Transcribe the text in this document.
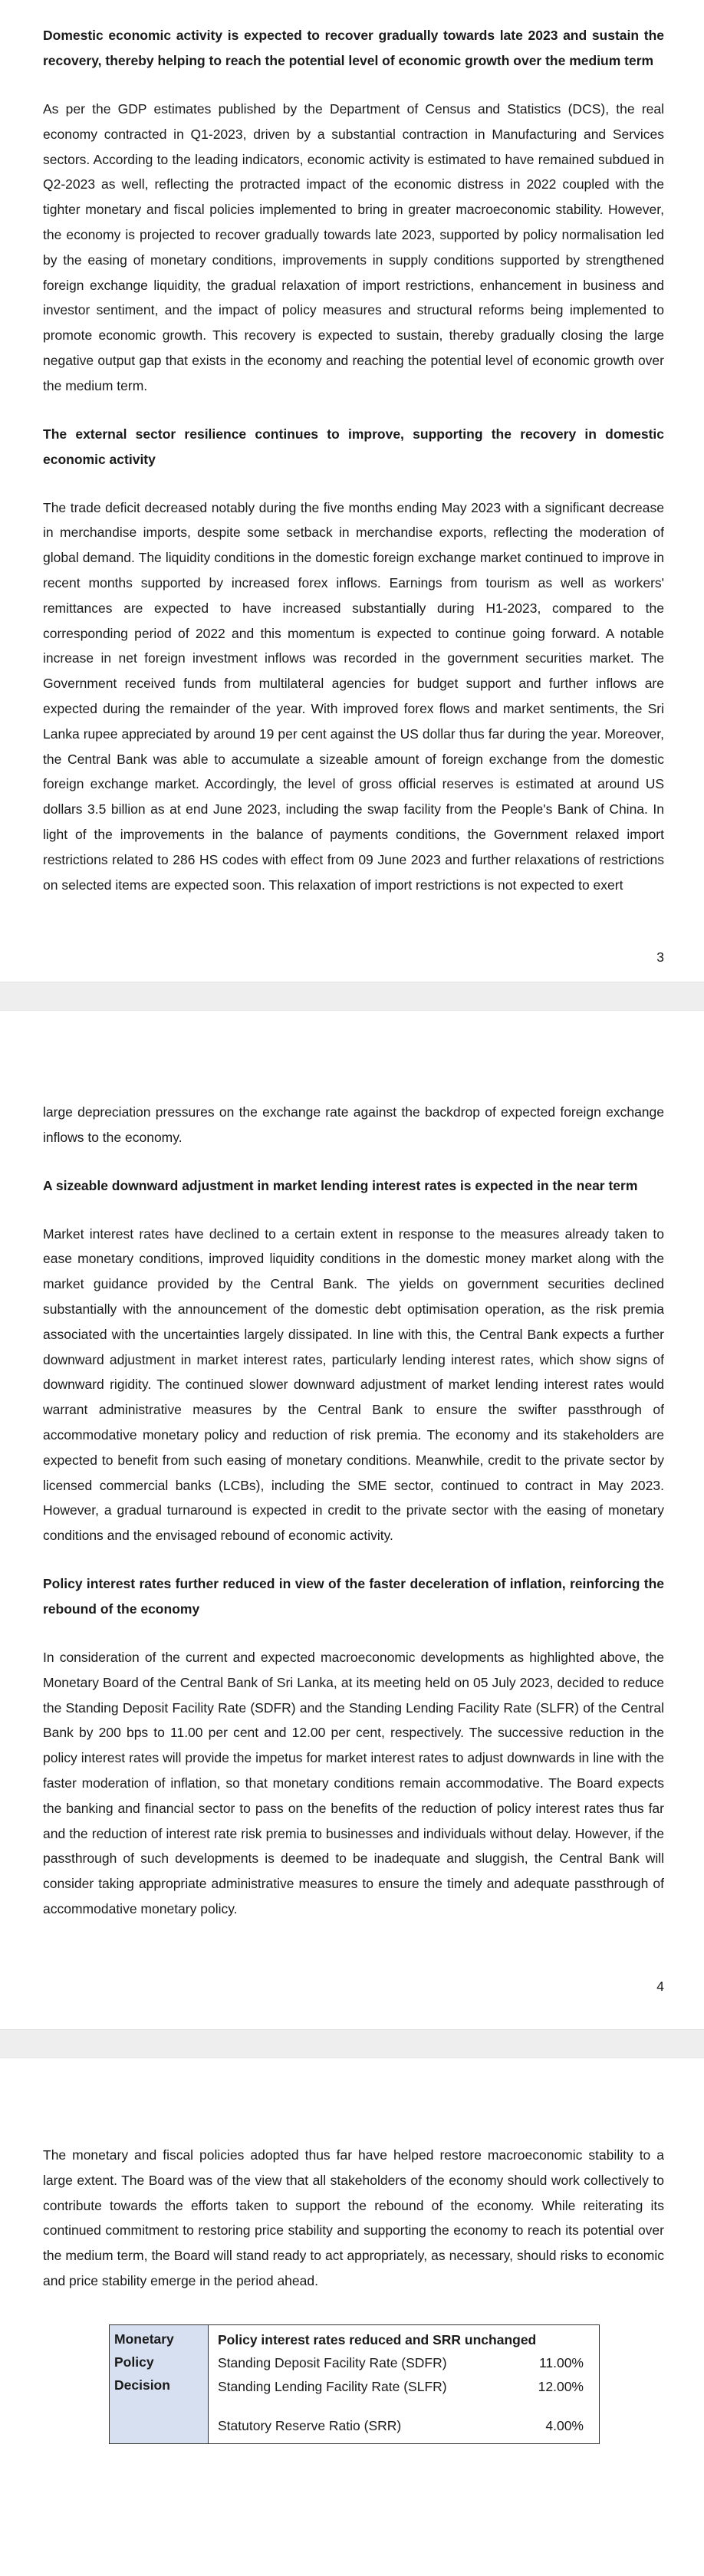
Domestic economic activity is expected to recover gradually towards late 2023 and sustain the recovery, thereby helping to reach the potential level of economic growth over the medium term

As per the GDP estimates published by the Department of Census and Statistics (DCS), the real economy contracted in Q1-2023, driven by a substantial contraction in Manufacturing and Services sectors. According to the leading indicators, economic activity is estimated to have remained subdued in Q2-2023 as well, reflecting the protracted impact of the economic distress in 2022 coupled with the tighter monetary and fiscal policies implemented to bring in greater macroeconomic stability. However, the economy is projected to recover gradually towards late 2023, supported by policy normalisation led by the easing of monetary conditions, improvements in supply conditions supported by strengthened foreign exchange liquidity, the gradual relaxation of import restrictions, enhancement in business and investor sentiment, and the impact of policy measures and structural reforms being implemented to promote economic growth. This recovery is expected to sustain, thereby gradually closing the large negative output gap that exists in the economy and reaching the potential level of economic growth over the medium term.

The external sector resilience continues to improve, supporting the recovery in domestic economic activity

The trade deficit decreased notably during the five months ending May 2023 with a significant decrease in merchandise imports, despite some setback in merchandise exports, reflecting the moderation of global demand. The liquidity conditions in the domestic foreign exchange market continued to improve in recent months supported by increased forex inflows. Earnings from tourism as well as workers' remittances are expected to have increased substantially during H1-2023, compared to the corresponding period of 2022 and this momentum is expected to continue going forward. A notable increase in net foreign investment inflows was recorded in the government securities market. The Government received funds from multilateral agencies for budget support and further inflows are expected during the remainder of the year. With improved forex flows and market sentiments, the Sri Lanka rupee appreciated by around 19 per cent against the US dollar thus far during the year. Moreover, the Central Bank was able to accumulate a sizeable amount of foreign exchange from the domestic foreign exchange market. Accordingly, the level of gross official reserves is estimated at around US dollars 3.5 billion as at end June 2023, including the swap facility from the People's Bank of China. In light of the improvements in the balance of payments conditions, the Government relaxed import restrictions related to 286 HS codes with effect from 09 June 2023 and further relaxations of restrictions on selected items are expected soon. This relaxation of import restrictions is not expected to exert

3

large depreciation pressures on the exchange rate against the backdrop of expected foreign exchange inflows to the economy.

A sizeable downward adjustment in market lending interest rates is expected in the near term

Market interest rates have declined to a certain extent in response to the measures already taken to ease monetary conditions, improved liquidity conditions in the domestic money market along with the market guidance provided by the Central Bank. The yields on government securities declined substantially with the announcement of the domestic debt optimisation operation, as the risk premia associated with the uncertainties largely dissipated. In line with this, the Central Bank expects a further downward adjustment in market interest rates, particularly lending interest rates, which show signs of downward rigidity. The continued slower downward adjustment of market lending interest rates would warrant administrative measures by the Central Bank to ensure the swifter passthrough of accommodative monetary policy and reduction of risk premia. The economy and its stakeholders are expected to benefit from such easing of monetary conditions. Meanwhile, credit to the private sector by licensed commercial banks (LCBs), including the SME sector, continued to contract in May 2023. However, a gradual turnaround is expected in credit to the private sector with the easing of monetary conditions and the envisaged rebound of economic activity.

Policy interest rates further reduced in view of the faster deceleration of inflation, reinforcing the rebound of the economy

In consideration of the current and expected macroeconomic developments as highlighted above, the Monetary Board of the Central Bank of Sri Lanka, at its meeting held on 05 July 2023, decided to reduce the Standing Deposit Facility Rate (SDFR) and the Standing Lending Facility Rate (SLFR) of the Central Bank by 200 bps to 11.00 per cent and 12.00 per cent, respectively. The successive reduction in the policy interest rates will provide the impetus for market interest rates to adjust downwards in line with the faster moderation of inflation, so that monetary conditions remain accommodative. The Board expects the banking and financial sector to pass on the benefits of the reduction of policy interest rates thus far and the reduction of interest rate risk premia to businesses and individuals without delay. However, if the passthrough of such developments is deemed to be inadequate and sluggish, the Central Bank will consider taking appropriate administrative measures to ensure the timely and adequate passthrough of accommodative monetary policy.

4

The monetary and fiscal policies adopted thus far have helped restore macroeconomic stability to a large extent. The Board was of the view that all stakeholders of the economy should work collectively to contribute towards the efforts taken to support the rebound of the economy. While reiterating its continued commitment to restoring price stability and supporting the economy to reach its potential over the medium term, the Board will stand ready to act appropriately, as necessary, should risks to economic and price stability emerge in the period ahead.

Monetary
Policy
Decision

Policy interest rates reduced and SRR unchanged
Standing Deposit Facility Rate (SDFR)	11.00%
Standing Lending Facility Rate (SLFR)	12.00%
Statutory Reserve Ratio (SRR)	4.00%
